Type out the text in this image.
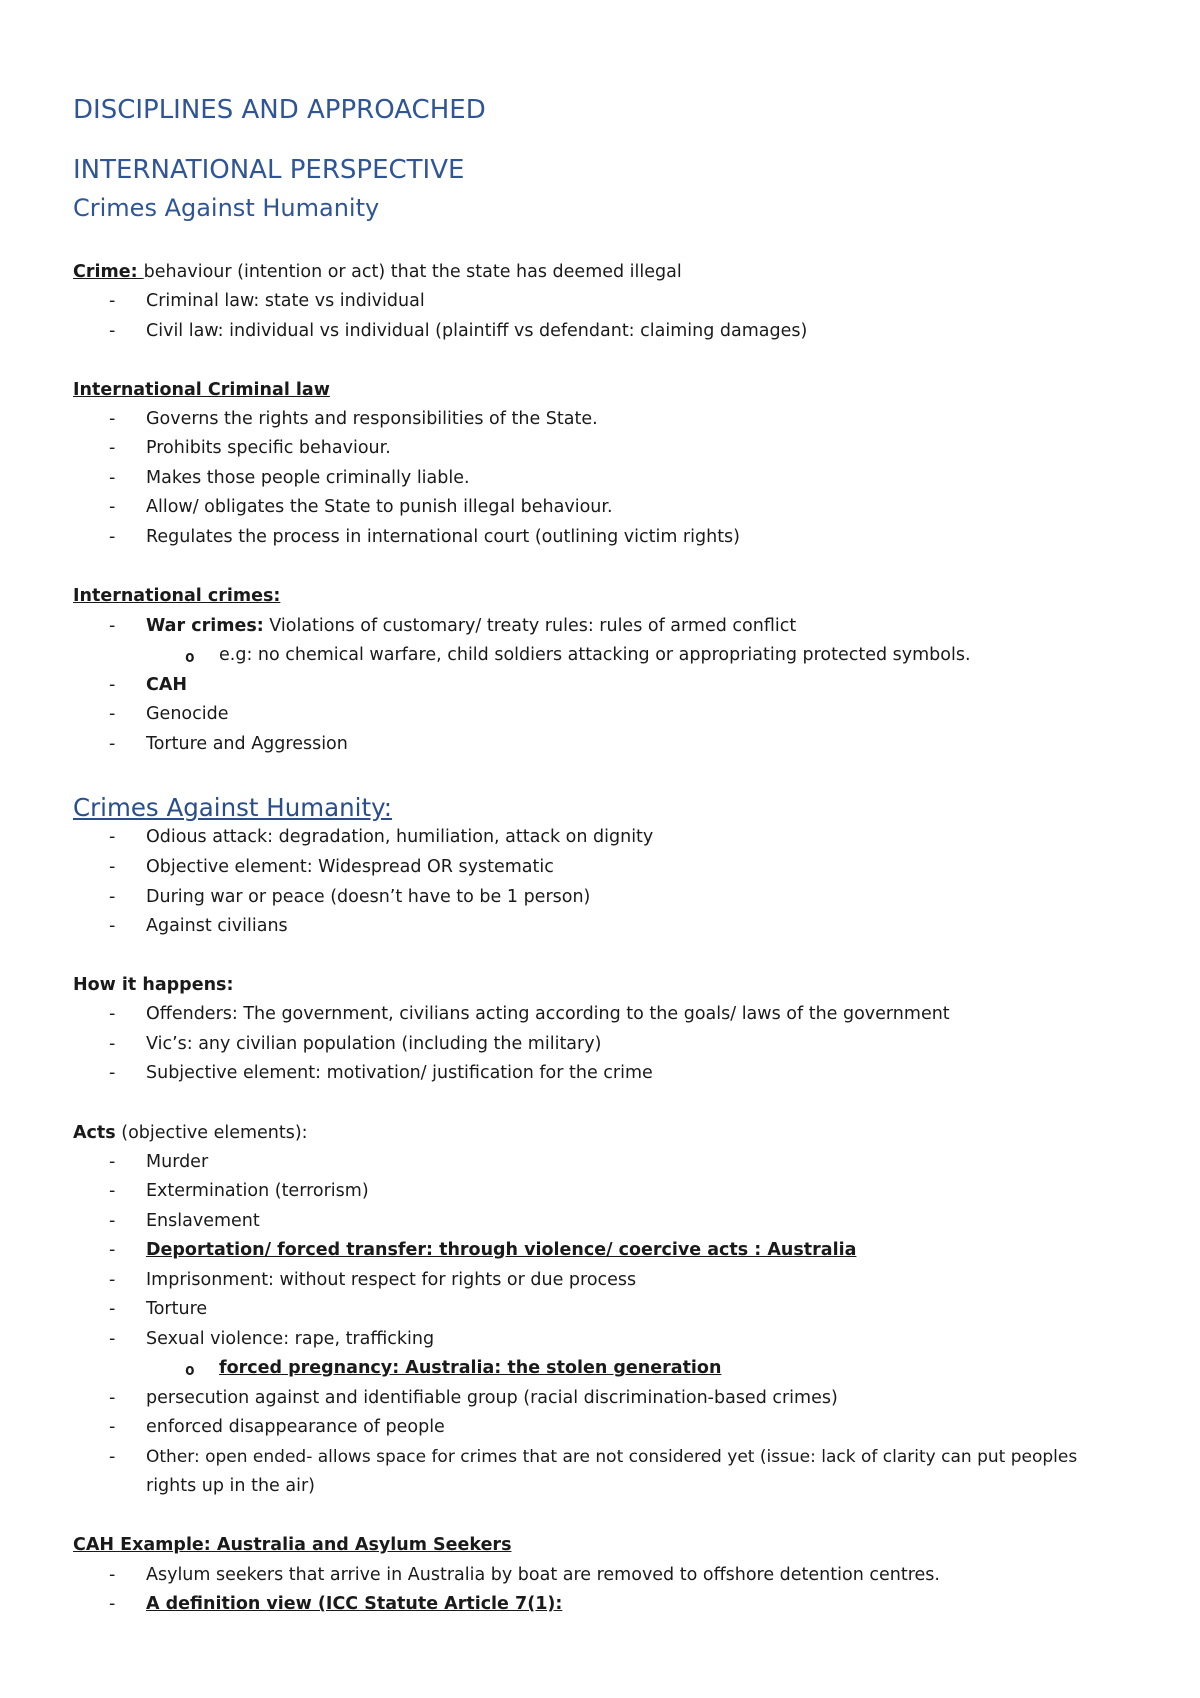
DISCIPLINES AND APPROACHED
INTERNATIONAL PERSPECTIVE
Crimes Against Humanity
Crime: behaviour (intention or act) that the state has deemed illegal
- Criminal law: state vs individual
- Civil law: individual vs individual (plaintiff vs defendant: claiming damages)
International Criminal law
- Governs the rights and responsibilities of the State.
- Prohibits specific behaviour.
- Makes those people criminally liable.
- Allow/ obligates the State to punish illegal behaviour.
- Regulates the process in international court (outlining victim rights)
International crimes:
- War crimes: Violations of customary/ treaty rules: rules of armed conflict
o e.g: no chemical warfare, child soldiers attacking or appropriating protected symbols.
- CAH
- Genocide
- Torture and Aggression
Crimes Against Humanity:
- Odious attack: degradation, humiliation, attack on dignity
- Objective element: Widespread OR systematic
- During war or peace (doesn’t have to be 1 person)
- Against civilians
How it happens:
- Offenders: The government, civilians acting according to the goals/ laws of the government
- Vic’s: any civilian population (including the military)
- Subjective element: motivation/ justification for the crime
Acts (objective elements):
- Murder
- Extermination (terrorism)
- Enslavement
- Deportation/ forced transfer: through violence/ coercive acts : Australia
- Imprisonment: without respect for rights or due process
- Torture
- Sexual violence: rape, trafficking
o forced pregnancy: Australia: the stolen generation
- persecution against and identifiable group (racial discrimination-based crimes)
- enforced disappearance of people
- Other: open ended- allows space for crimes that are not considered yet (issue: lack of clarity can put peoples
rights up in the air)
CAH Example: Australia and Asylum Seekers
- Asylum seekers that arrive in Australia by boat are removed to offshore detention centres.
- A definition view (ICC Statute Article 7(1):
